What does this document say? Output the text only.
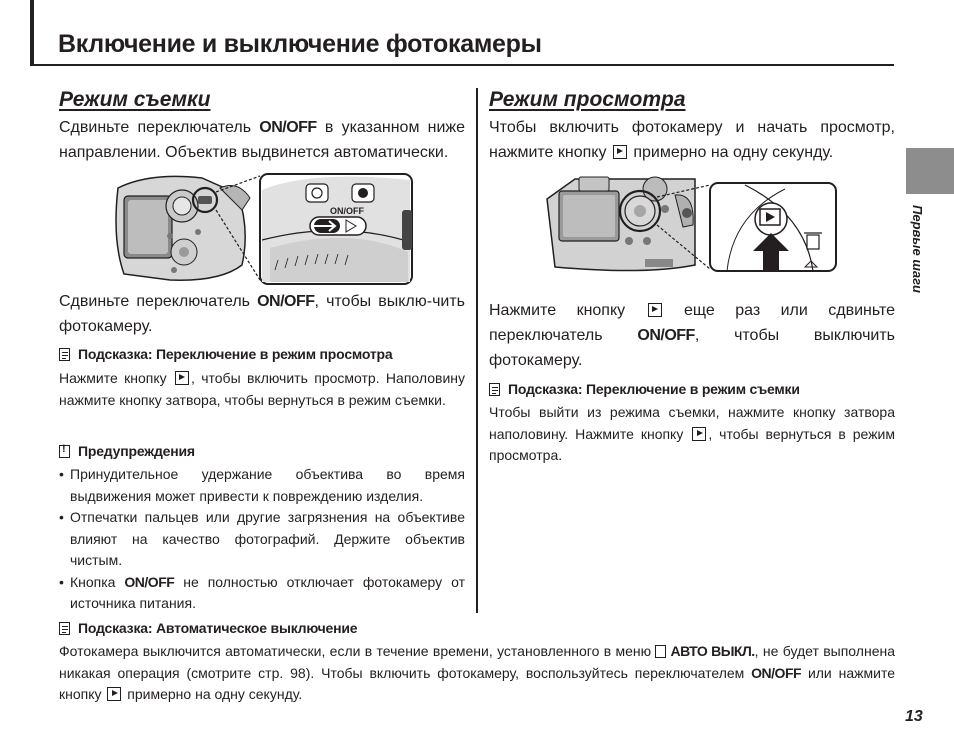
Включение и выключение фотокамеры
Режим съемки

Сдвиньте переключатель ON/OFF в указанном ниже направлении. Объектив выдвинется автоматически.

ON/OFF

Сдвиньте переключатель ON/OFF, чтобы выклю-чить фотокамеру.

Подсказка: Переключение в режим просмотра

Нажмите кнопку , чтобы включить просмотр. Наполовину нажмите кнопку затвора, чтобы вернуться в режим съемки.

!Предупреждения
• Принудительное удержание объектива во время выдвижения может привести к повреждению изделия.
• Отпечатки пальцев или другие загрязнения на объективе влияют на качество фотографий. Держите объектив чистым.
• Кнопка ON/OFF не полностью отключает фотокамеру от источника питания.
Режим просмотра

Чтобы включить фотокамеру и начать просмотр, нажмите кнопку  примерно на одну секунду.

Нажмите кнопку  еще раз или сдвиньте переключатель ON/OFF, чтобы выключить фотокамеру.

Подсказка: Переключение в режим съемки

Чтобы выйти из режима съемки, нажмите кнопку затвора наполовину. Нажмите кнопку , чтобы вернуться в режим просмотра.

Подсказка: Автоматическое выключение

Фотокамера выключится автоматически, если в течение времени, установленного в меню АВТО ВЫКЛ., не будет выполнена никакая операция (смотрите стр. 98). Чтобы включить фотокамеру, воспользуйтесь переключателем ON/OFF или нажмите кнопку  примерно на одну секунду.

Первые шаги
13
